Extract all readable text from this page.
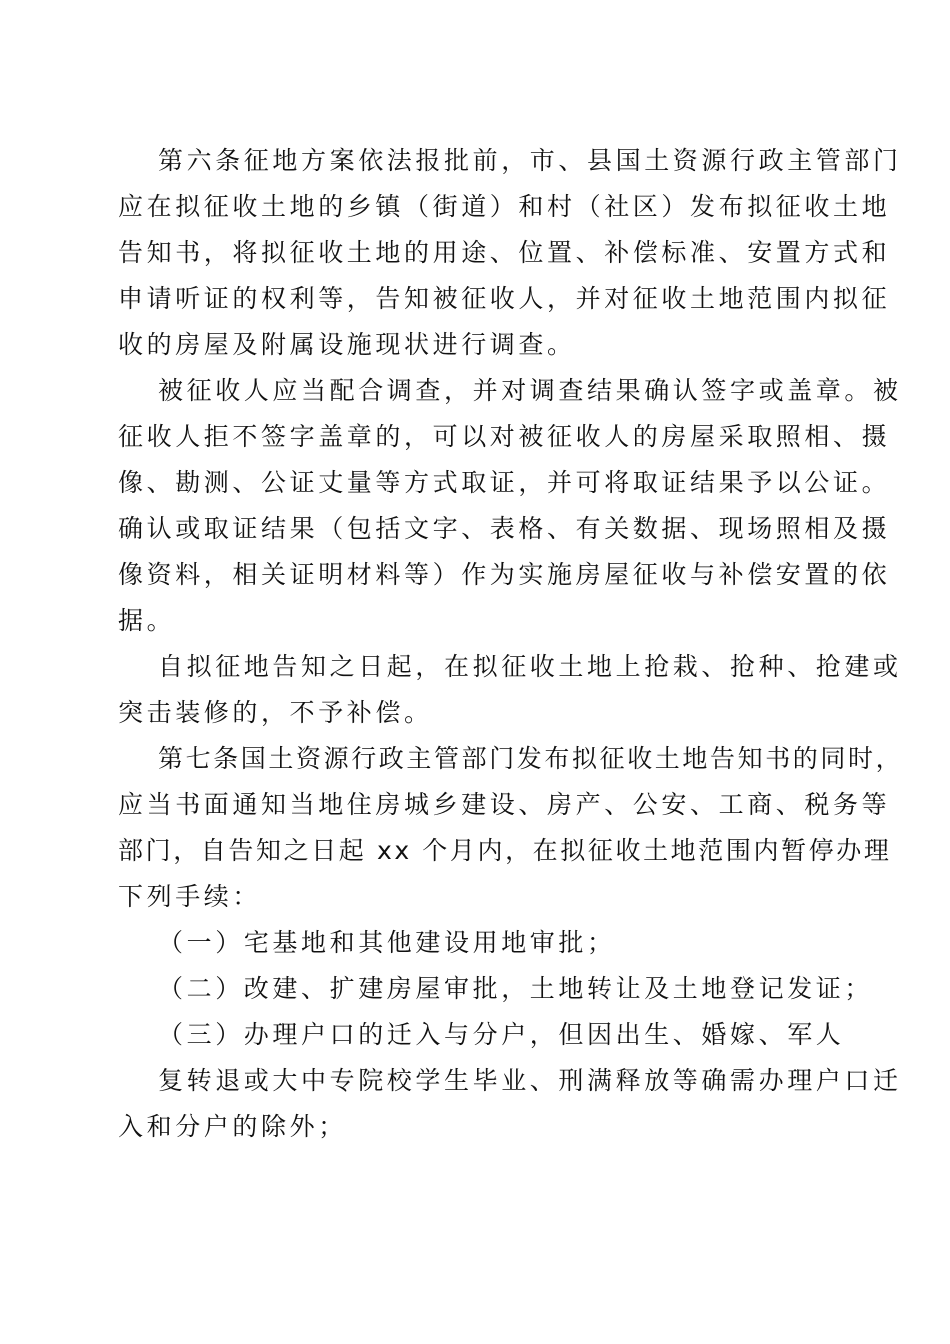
第六条征地方案依法报批前，市、县国土资源行政主管部门

应在拟征收土地的乡镇（街道）和村（社区）发布拟征收土地

告知书，将拟征收土地的用途、位置、补偿标准、安置方式和

申请听证的权利等，告知被征收人，并对征收土地范围内拟征

收的房屋及附属设施现状进行调查。

被征收人应当配合调查，并对调查结果确认签字或盖章。被

征收人拒不签字盖章的，可以对被征收人的房屋采取照相、摄

像、勘测、公证丈量等方式取证，并可将取证结果予以公证。

确认或取证结果（包括文字、表格、有关数据、现场照相及摄

像资料，相关证明材料等）作为实施房屋征收与补偿安置的依

据。

自拟征地告知之日起，在拟征收土地上抢栽、抢种、抢建或

突击装修的，不予补偿。

第七条国土资源行政主管部门发布拟征收土地告知书的同时，

应当书面通知当地住房城乡建设、房产、公安、工商、税务等

部门，自告知之日起 xx 个月内，在拟征收土地范围内暂停办理

下列手续：

（一）宅基地和其他建设用地审批；

（二）改建、扩建房屋审批，土地转让及土地登记发证；

（三）办理户口的迁入与分户，但因出生、婚嫁、军人

复转退或大中专院校学生毕业、刑满释放等确需办理户口迁

入和分户的除外；
